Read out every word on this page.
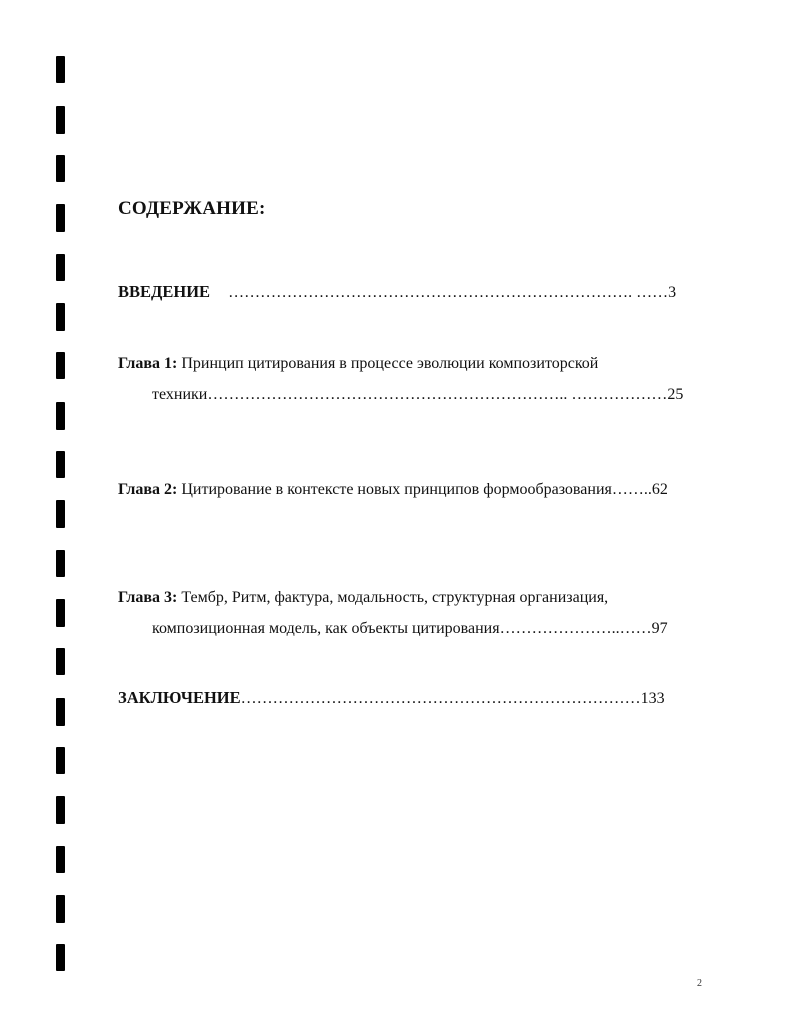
СОДЕРЖАНИЕ:
ВВЕДЕНИЕ …………………………………………………………………. ……3
Глава 1: Принцип цитирования в процессе эволюции композиторской
техники………………………………………………………….. ………………25
Глава 2: Цитирование в контексте новых принципов формообразования……..62
Глава 3: Тембр, Ритм, фактура, модальность, структурная организация,
композиционная модель, как объекты цитирования…………………..……97
ЗАКЛЮЧЕНИЕ…………………………………………………………………133
2
